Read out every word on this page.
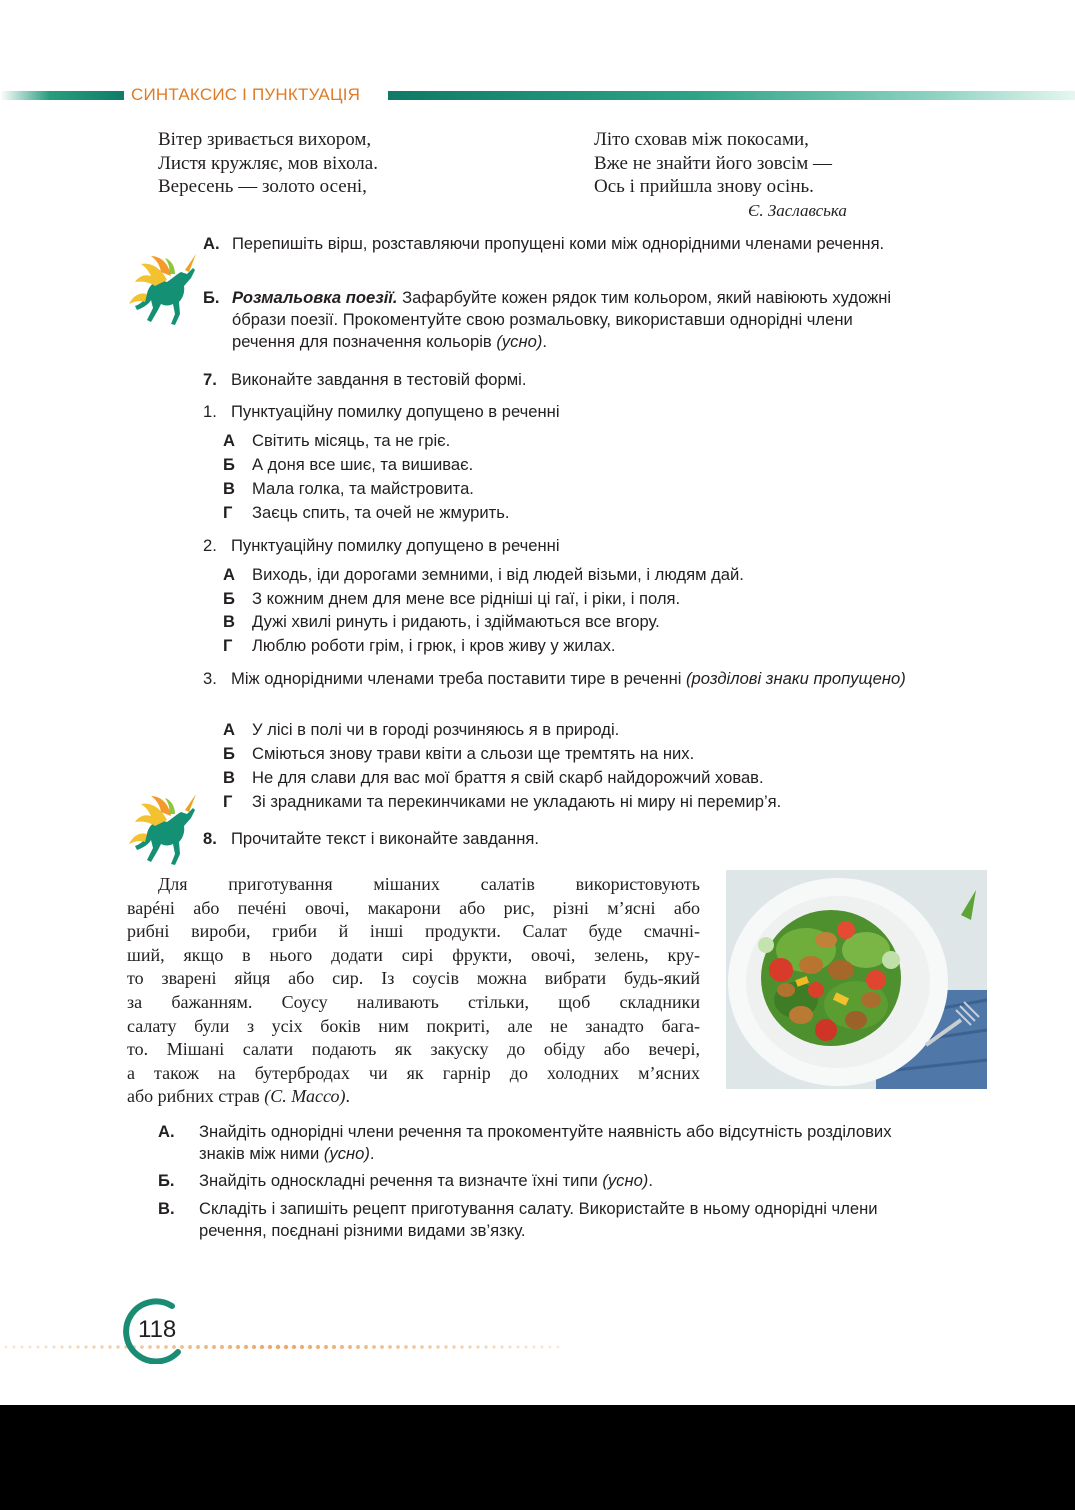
СИНТАКСИС І ПУНКТУАЦІЯ
Вітер зривається вихором,
Листя кружляє, мов віхола.
Вересень — золото осені,
Літо сховав між покосами,
Вже не знайти його зовсім —
Ось і прийшла знову осінь.
Є. Заславська
А. Перепишіть вірш, розставляючи пропущені коми між однорідними членами речення.
Б. Розмальовка поезії. Зафарбуйте кожен рядок тим кольором, який навіюють художні óбрази поезії. Прокоментуйте свою розмальовку, використавши однорідні члени речення для позначення кольорів (усно).
7. Виконайте завдання в тестовій формі.
1. Пунктуаційну помилку допущено в реченні
А Світить місяць, та не гріє.
Б А доня все шиє, та вишиває.
В Мала голка, та майстровита.
Г Заєць спить, та очей не жмурить.
2. Пунктуаційну помилку допущено в реченні
А Виходь, іди дорогами земними, і від людей візьми, і людям дай.
Б З кожним днем для мене все рідніші ці гаї, і ріки, і поля.
В Дужі хвилі ринуть і ридають, і здіймаються все вгору.
Г Люблю роботи грім, і грюк, і кров живу у жилах.
3. Між однорідними членами треба поставити тире в реченні (розділові знаки пропущено)
А У лісі в полі чи в городі розчиняюсь я в природі.
Б Сміються знову трави квіти а сльози ще тремтять на них.
В Не для слави для вас мої браття я свій скарб найдорожчий ховав.
Г Зі зрадниками та перекинчиками не укладають ні миру ні перемир’я.
8. Прочитайте текст і виконайте завдання.
Для приготування мішаних салатів використовують
варéні або печéні овочі, макарони або рис, різні м’ясні або
рибні вироби, гриби й інші продукти. Салат буде смачні-
ший, якщо в нього додати сирі фрукти, овочі, зелень, кру-
то зварені яйця або сир. Із соусів можна вибрати будь-який
за бажанням. Соусу наливають стільки, щоб складники
салату були з усіх боків ним покриті, але не занадто бага-
то. Мішані салати подають як закуску до обіду або вечері,
а також на бутербродах чи як гарнір до холодних м’ясних
або рибних страв (С. Массо).
А.	Знайдіть однорідні члени речення та прокоментуйте наявність або відсутність розділових знаків між ними (усно).
Б.	Знайдіть односкладні речення та визначте їхні типи (усно).
В.	Складіть і запишіть рецепт приготування салату. Використайте в ньому однорідні члени речення, поєднані різними видами зв’язку.
118
